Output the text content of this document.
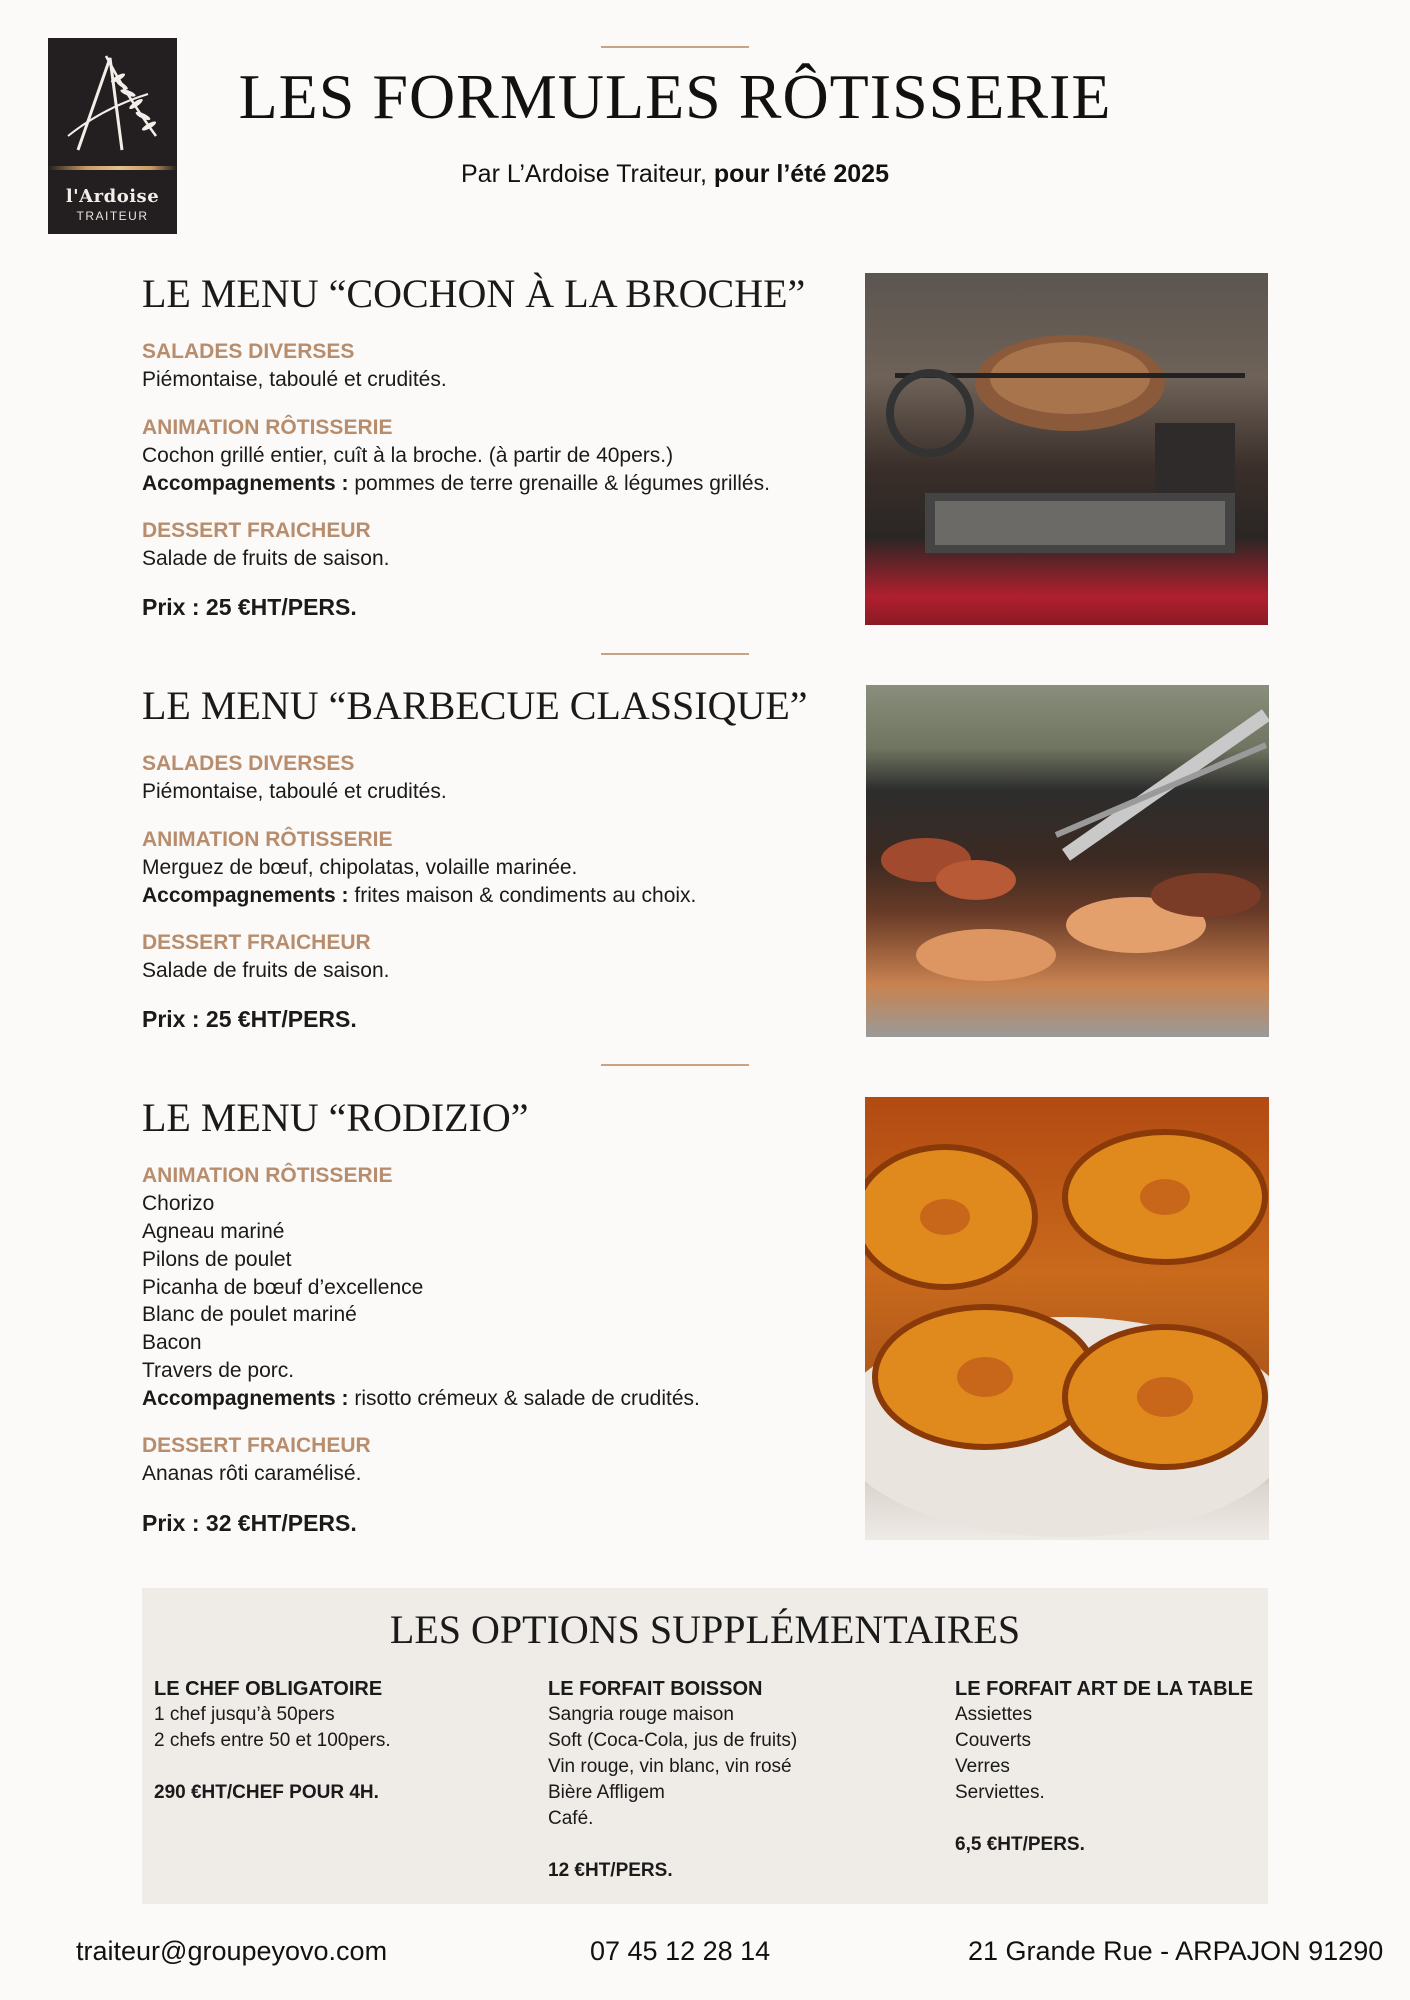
l'Ardoise
TRAITEUR
LES FORMULES RÔTISSERIE
Par L’Ardoise Traiteur, pour l’été 2025
LE MENU “COCHON À LA BROCHE”
SALADES DIVERSES
Piémontaise, taboulé et crudités.
ANIMATION RÔTISSERIE
Cochon grillé entier, cuît à la broche. (à partir de 40pers.)
Accompagnements : pommes de terre grenaille & légumes grillés.
DESSERT FRAICHEUR
Salade de fruits de saison.
Prix : 25 €HT/PERS.
LE MENU “BARBECUE CLASSIQUE”
SALADES DIVERSES
Piémontaise, taboulé et crudités.
ANIMATION RÔTISSERIE
Merguez de bœuf, chipolatas, volaille marinée.
Accompagnements : frites maison & condiments au choix.
DESSERT FRAICHEUR
Salade de fruits de saison.
Prix : 25 €HT/PERS.
LE MENU “RODIZIO”
ANIMATION RÔTISSERIE
Chorizo
Agneau mariné
Pilons de poulet
Picanha de bœuf d’excellence
Blanc de poulet mariné
Bacon
Travers de porc.
Accompagnements : risotto crémeux & salade de crudités.
DESSERT FRAICHEUR
Ananas rôti caramélisé.
Prix : 32 €HT/PERS.
LES OPTIONS SUPPLÉMENTAIRES
LE CHEF OBLIGATOIRE
1 chef jusqu’à 50pers
2 chefs entre 50 et 100pers.
290 €HT/CHEF POUR 4H.
LE FORFAIT BOISSON
Sangria rouge maison
Soft (Coca-Cola, jus de fruits)
Vin rouge, vin blanc, vin rosé
Bière Affligem
Café.
12 €HT/PERS.
LE FORFAIT ART DE LA TABLE
Assiettes
Couverts
Verres
Serviettes.
6,5 €HT/PERS.
traiteur@groupeyovo.com	07 45 12 28 14	21 Grande Rue - ARPAJON 91290
